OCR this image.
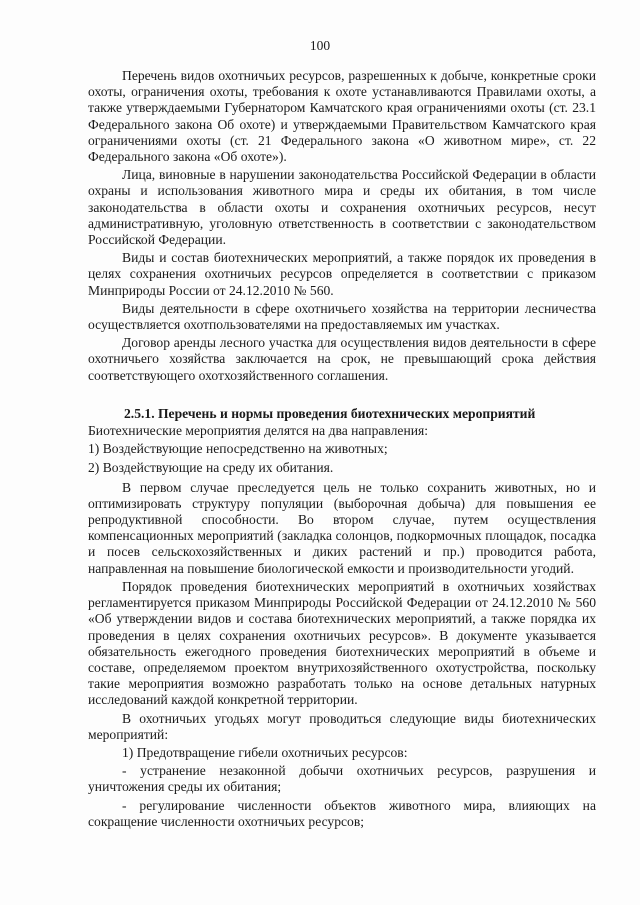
100

Перечень видов охотничьих ресурсов, разрешенных к добыче, конкретные сроки охоты, ограничения охоты, требования к охоте устанавливаются Правилами охоты, а также утверждаемыми Губернатором Камчатского края ограничениями охоты (ст. 23.1 Федерального закона Об охоте) и утверждаемыми Правительством Камчатского края ограничениями охоты (ст. 21 Федерального закона «О животном мире», ст. 22 Федерального закона «Об охоте»).

Лица, виновные в нарушении законодательства Российской Федерации в области охраны и использования животного мира и среды их обитания, в том числе законодательства в области охоты и сохранения охотничьих ресурсов, несут административную, уголовную ответственность в соответствии с законодательством Российской Федерации.

Виды и состав биотехнических мероприятий, а также порядок их проведения в целях сохранения охотничьих ресурсов определяется в соответствии с приказом Минприроды России от 24.12.2010 № 560.

Виды деятельности в сфере охотничьего хозяйства на территории лесничества осуществляется охотпользователями на предоставляемых им участках.

Договор аренды лесного участка для осуществления видов деятельности в сфере охотничьего хозяйства заключается на срок, не превышающий срока действия соответствующего охотхозяйственного соглашения.

2.5.1. Перечень и нормы проведения биотехнических мероприятий

Биотехнические мероприятия делятся на два направления:

1) Воздействующие непосредственно на животных;

2) Воздействующие на среду их обитания.

В первом случае преследуется цель не только сохранить животных, но и оптимизировать структуру популяции (выборочная добыча) для повышения ее репродуктивной способности. Во втором случае, путем осуществления компенсационных мероприятий (закладка солонцов, подкормочных площадок, посадка и посев сельскохозяйственных и диких растений и пр.) проводится работа, направленная на повышение биологической емкости и производительности угодий.

Порядок проведения биотехнических мероприятий в охотничьих хозяйствах регламентируется приказом Минприроды Российской Федерации от 24.12.2010 № 560 «Об утверждении видов и состава биотехнических мероприятий, а также порядка их проведения в целях сохранения охотничьих ресурсов». В документе указывается обязательность ежегодного проведения биотехнических мероприятий в объеме и составе, определяемом проектом внутрихозяйственного охотустройства, поскольку такие мероприятия возможно разработать только на основе детальных натурных исследований каждой конкретной территории.

В охотничьих угодьях могут проводиться следующие виды биотехнических мероприятий:

1) Предотвращение гибели охотничьих ресурсов:

- устранение незаконной добычи охотничьих ресурсов, разрушения и уничтожения среды их обитания;

- регулирование численности объектов животного мира, влияющих на сокращение численности охотничьих ресурсов;
